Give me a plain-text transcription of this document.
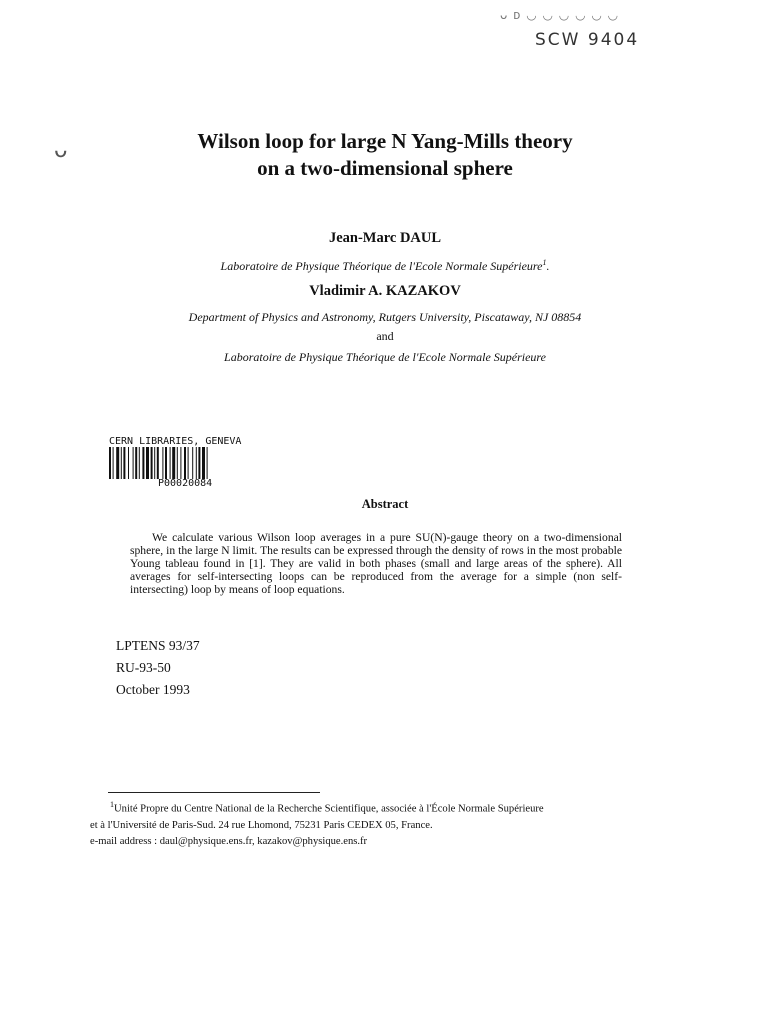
ᴗ ᴅ ◡ ◡ ◡ ◡ ◡ ◡
SCW 9404
ᴗ	Wilson loop for large N Yang-Mills theory
on a two-dimensional sphere
Jean-Marc DAUL
Laboratoire de Physique Théorique de l'Ecole Normale Supérieure$^1$.
Vladimir A. KAZAKOV
Department of Physics and Astronomy, Rutgers University, Piscataway, NJ 08854
and
Laboratoire de Physique Théorique de l'Ecole Normale Supérieure
CERN LIBRARIES, GENEVA
P00020084
Abstract

We calculate various Wilson loop averages in a pure SU(N)-gauge theory on a two-dimensional sphere, in the large N limit. The results can be expressed through the density of rows in the most probable Young tableau found in [1]. They are valid in both phases (small and large areas of the sphere). All averages for self-intersecting loops can be reproduced from the average for a simple (non self-intersecting) loop by means of loop equations.

LPTENS 93/37
RU-93-50
October 1993
$^1$Unité Propre du Centre National de la Recherche Scientifique, associée à l'École Normale Supérieure
et à l'Université de Paris-Sud. 24 rue Lhomond, 75231 Paris CEDEX 05, France.
e-mail address : daul@physique.ens.fr, kazakov@physique.ens.fr
